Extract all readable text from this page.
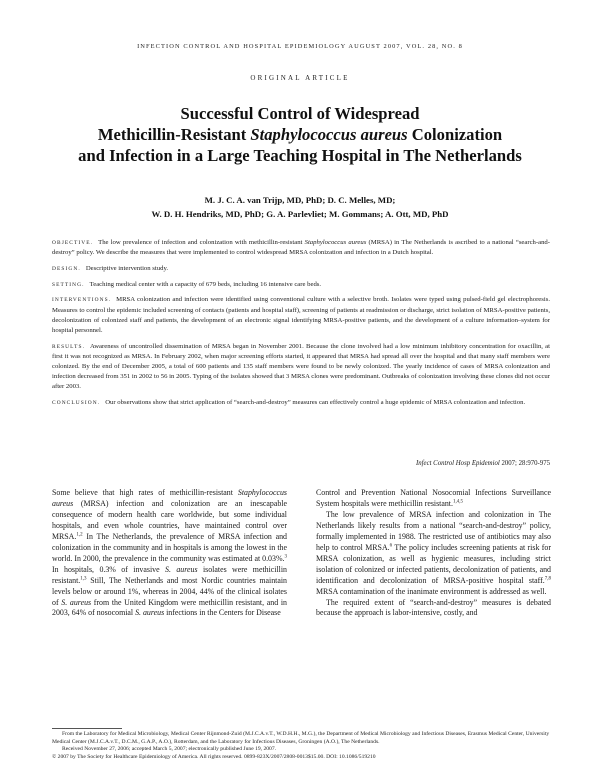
INFECTION CONTROL AND HOSPITAL EPIDEMIOLOGY AUGUST 2007, VOL. 28, NO. 8
ORIGINAL ARTICLE
Successful Control of Widespread
Methicillin-Resistant Staphylococcus aureus Colonization
and Infection in a Large Teaching Hospital in The Netherlands
M. J. C. A. van Trijp, MD, PhD; D. C. Melles, MD;
W. D. H. Hendriks, MD, PhD; G. A. Parlevliet; M. Gommans; A. Ott, MD, PhD
OBJECTIVE. The low prevalence of infection and colonization with methicillin-resistant Staphylococcus aureus (MRSA) in The Netherlands is ascribed to a national “search-and-destroy” policy. We describe the measures that were implemented to control widespread MRSA colonization and infection in a Dutch hospital.
DESIGN. Descriptive intervention study.
SETTING. Teaching medical center with a capacity of 679 beds, including 16 intensive care beds.
INTERVENTIONS. MRSA colonization and infection were identified using conventional culture with a selective broth. Isolates were typed using pulsed-field gel electrophoresis. Measures to control the epidemic included screening of contacts (patients and hospital staff), screening of patients at readmission or discharge, strict isolation of MRSA-positive patients, decolonization of colonized staff and patients, the development of an electronic signal identifying MRSA-positive patients, and the development of a culture information–system for hospital personnel.
RESULTS. Awareness of uncontrolled dissemination of MRSA began in November 2001. Because the clone involved had a low minimum inhibitory concentration for oxacillin, at first it was not recognized as MRSA. In February 2002, when major screening efforts started, it appeared that MRSA had spread all over the hospital and that many staff members were colonized. By the end of December 2005, a total of 600 patients and 135 staff members were found to be newly colonized. The yearly incidence of cases of MRSA colonization and infection decreased from 351 in 2002 to 56 in 2005. Typing of the isolates showed that 3 MRSA clones were predominant. Outbreaks of colonization involving these clones did not occur after 2003.
CONCLUSION. Our observations show that strict application of “search-and-destroy” measures can effectively control a huge epidemic of MRSA colonization and infection.
Infect Control Hosp Epidemiol 2007; 28:970-975

Some believe that high rates of methicillin-resistant Staphylococcus aureus (MRSA) infection and colonization are an inescapable consequence of modern health care worldwide, but some individual hospitals, and even whole countries, have maintained control over MRSA.$^{1,2}$ In The Netherlands, the prevalence of MRSA infection and colonization in the community and in hospitals is among the lowest in the world. In 2000, the prevalence in the community was estimated at 0.03%.$^3$ In hospitals, 0.3% of invasive S. aureus isolates were methicillin resistant.$^{1,3}$ Still, The Netherlands and most Nordic countries maintain levels below or around 1%, whereas in 2004, 44% of the clinical isolates of S. aureus from the United Kingdom were methicillin resistant, and in 2003, 64% of nosocomial S. aureus infections in the Centers for Disease

Control and Prevention National Nosocomial Infections Surveillance System hospitals were methicillin resistant.$^{1,4,5}$

The low prevalence of MRSA infection and colonization in The Netherlands likely results from a national “search-and-destroy” policy, formally implemented in 1988. The restricted use of antibiotics may also help to control MRSA.$^6$ The policy includes screening patients at risk for MRSA colonization, as well as hygienic measures, including strict isolation of colonized or infected patients, decolonization of patients, and identification and decolonization of MRSA-positive hospital staff.$^{7,8}$ MRSA contamination of the inanimate environment is addressed as well.

The required extent of “search-and-destroy” measures is debated because the approach is labor-intensive, costly, and

From the Laboratory for Medical Microbiology, Medical Center Rijnmond-Zuid (M.J.C.A.v.T., W.D.H.H., M.G.), the Department of Medical Microbiology and Infectious Diseases, Erasmus Medical Center, University Medical Center (M.J.C.A.v.T., D.C.M., G.A.P., A.O.), Rotterdam, and the Laboratory for Infectious Diseases, Groningen (A.O.), The Netherlands.
Received November 27, 2006; accepted March 5, 2007; electronically published June 19, 2007.
© 2007 by The Society for Healthcare Epidemiology of America. All rights reserved. 0899-823X/2007/2808-0013$15.00. DOI: 10.1086/519210
